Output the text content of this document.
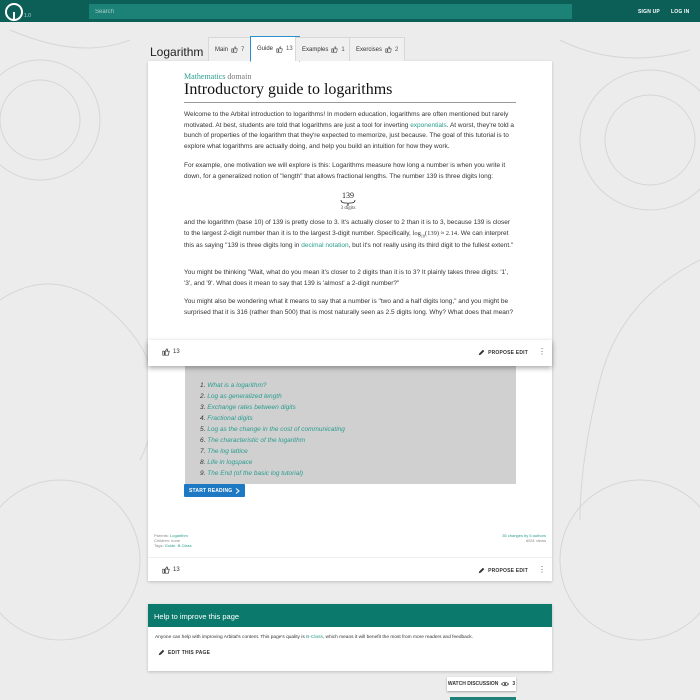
1.0
Search
SIGN UP LOG IN
Logarithm Main 7 Guide 13 Examples 1 Exercises 2
Mathematics domain
Introductory guide to logarithms
Welcome to the Arbital introduction to logarithms! In modern education, logarithms are often mentioned but rarely motivated. At best, students are told that logarithms are just a tool for inverting exponentials. At worst, they're told a bunch of properties of the logarithm that they're expected to memorize, just because. The goal of this tutorial is to explore what logarithms are actually doing, and help you build an intuition for how they work.
For example, one motivation we will explore is this: Logarithms measure how long a number is when you write it down, for a generalized notion of "length" that allows fractional lengths. The number 139 is three digits long:
139
3 digits
and the logarithm (base 10) of 139 is pretty close to 3. It's actually closer to 2 than it is to 3, because 139 is closer to the largest 2-digit number than it is to the largest 3-digit number. Specifically, $\log_{10}(139) \approx 2.14$. We can interpret this as saying "139 is three digits long in decimal notation, but it's not really using its third digit to the fullest extent."
You might be thinking "Wait, what do you mean it's closer to 2 digits than it is to 3? It plainly takes three digits: '1', '3', and '9'. What does it mean to say that 139 is 'almost' a 2-digit number?"
You might also be wondering what it means to say that a number is "two and a half digits long," and you might be surprised that it is 316 (rather than 500) that is most naturally seen as 2.5 digits long. Why? What does that mean?
1. What is a logarithm?
2. Log as generalized length
3. Exchange rates between digits
4. Fractional digits
5. Log as the change in the cost of communicating
6. The characteristic of the logarithm
7. The log lattice
8. Life in logspace
9. The End (of the basic log tutorial)
START READING
Parents: Logarithm
Children: none
Tags: Guide, B-Class
35 changes by 5 authors
6531 views
13	PROPOSE EDIT ⋮
13	PROPOSE EDIT ⋮
Help to improve this page
Anyone can help with improving Arbital's content. This page's quality is B-Class, which means it will benefit the most from more readers and feedback.
EDIT THIS PAGE
WATCH DISCUSSION	3
